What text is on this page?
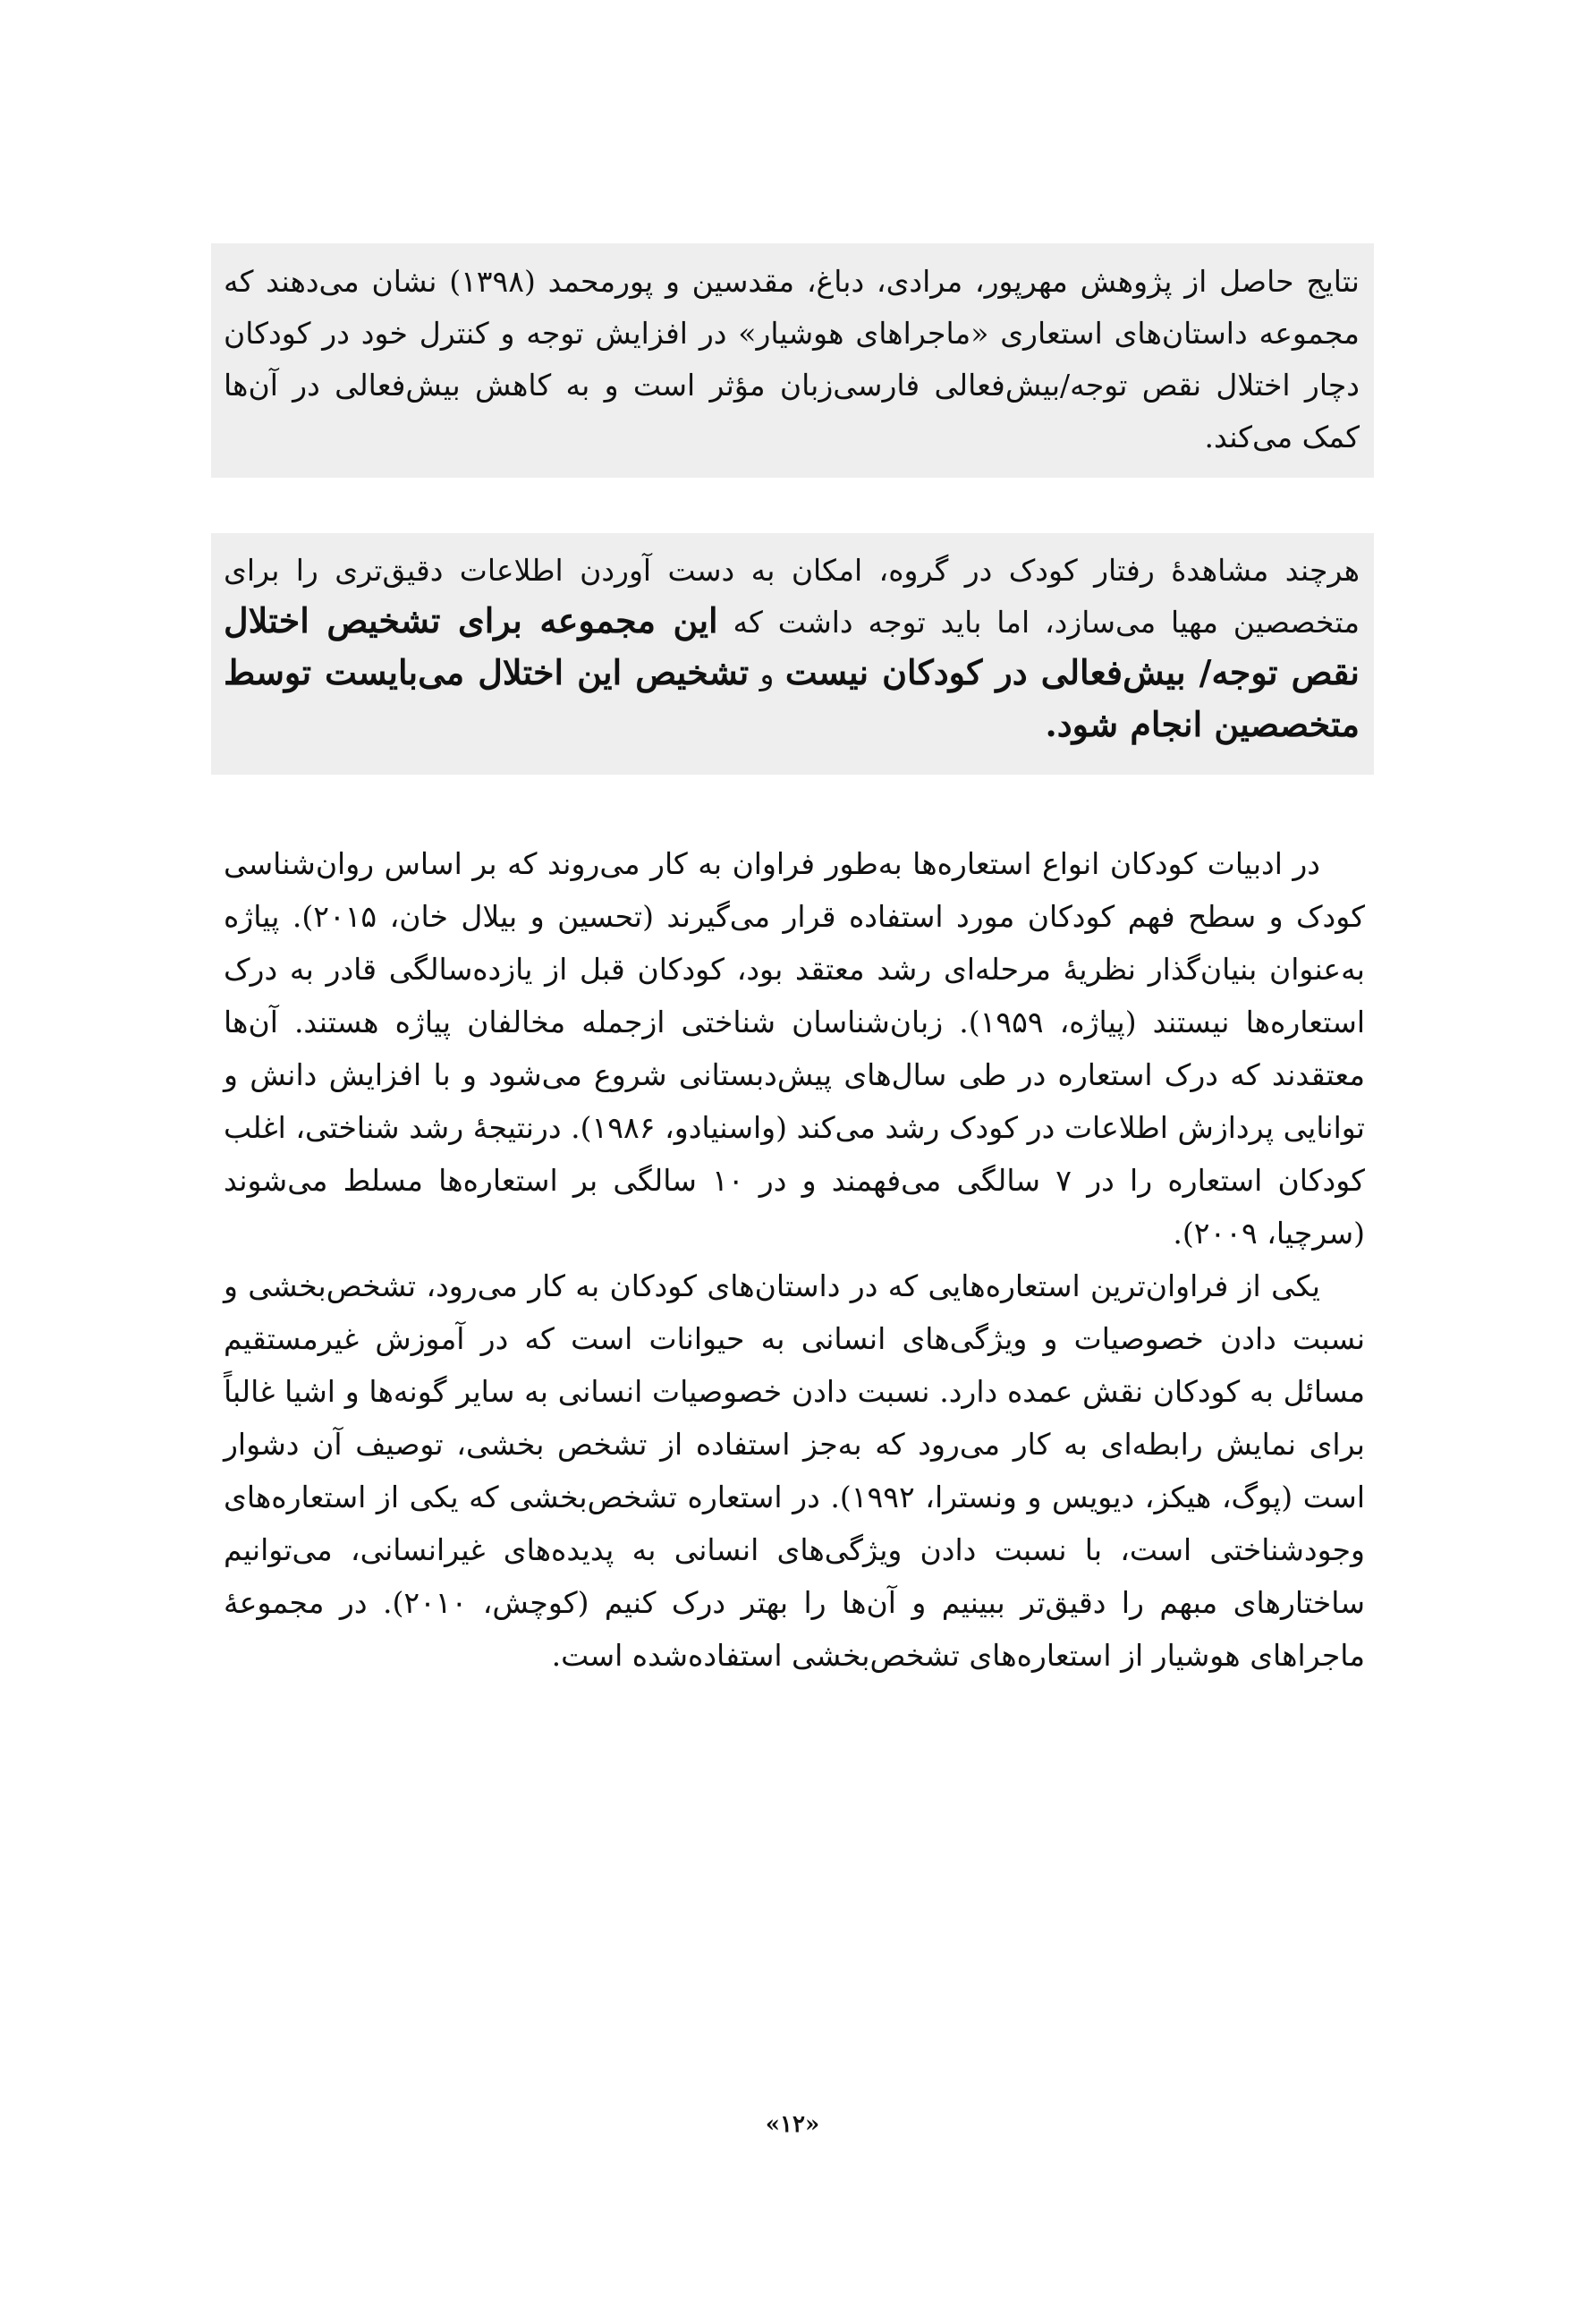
نتایج حاصل از پژوهش مهرپور، مرادی، دباغ، مقدسین و پورمحمد (۱۳۹۸) نشان می‌دهند که مجموعه داستان‌های استعاری «ماجراهای هوشیار» در افزایش توجه و کنترل خود در کودکان دچار اختلال نقص توجه/بیش‌فعالی فارسی‌زبان مؤثر است و به کاهش بیش‌فعالی در آن‌ها کمک می‌کند.

هرچند مشاهدهٔ رفتار کودک در گروه، امکان به دست آوردن اطلاعات دقیق‌تری را برای متخصصین مهیا می‌سازد، اما باید توجه داشت که این مجموعه برای تشخیص اختلال نقص توجه/ بیش‌فعالی در کودکان نیست و تشخیص این اختلال می‌بایست توسط متخصصین انجام شود.

در ادبیات کودکان انواع استعاره‌ها به‌طور فراوان به کار می‌روند که بر اساس روان‌شناسی کودک و سطح فهم کودکان مورد استفاده قرار می‌گیرند (تحسین و بیلال خان، ۲۰۱۵). پیاژه به‌عنوان بنیان‌گذار نظریهٔ مرحله‌ای رشد معتقد بود، کودکان قبل از یازده‌سالگی قادر به درک استعاره‌ها نیستند (پیاژه، ۱۹۵۹). زبان‌شناسان شناختی ازجمله مخالفان پیاژه هستند. آن‌ها معتقدند که درک استعاره در طی سال‌های پیش‌دبستانی شروع می‌شود و با افزایش دانش و توانایی پردازش اطلاعات در کودک رشد می‌کند (واسنیادو، ۱۹۸۶). درنتیجهٔ رشد شناختی، اغلب کودکان استعاره را در ۷ سالگی می‌فهمند و در ۱۰ سالگی بر استعاره‌ها مسلط می‌شوند (سرچیا، ۲۰۰۹).

یکی از فراوان‌ترین استعاره‌هایی که در داستان‌های کودکان به کار می‌رود، تشخص‌بخشی و نسبت دادن خصوصیات و ویژگی‌های انسانی به حیوانات است که در آموزش غیرمستقیم مسائل به کودکان نقش عمده دارد. نسبت دادن خصوصیات انسانی به سایر گونه‌ها و اشیا غالباً برای نمایش رابطه‌ای به کار می‌رود که به‌جز استفاده از تشخص بخشی، توصیف آن دشوار است (پوگ، هیکز، دیویس و ونسترا، ۱۹۹۲). در استعاره تشخص‌بخشی که یکی از استعاره‌های وجودشناختی است، با نسبت دادن ویژگی‌های انسانی به پدیده‌های غیرانسانی، می‌توانیم ساختارهای مبهم را دقیق‌تر ببینیم و آن‌ها را بهتر درک کنیم (کوچش، ۲۰۱۰). در مجموعهٔ ماجراهای هوشیار از استعاره‌های تشخص‌بخشی استفاده‌شده است.

«۱۲»
